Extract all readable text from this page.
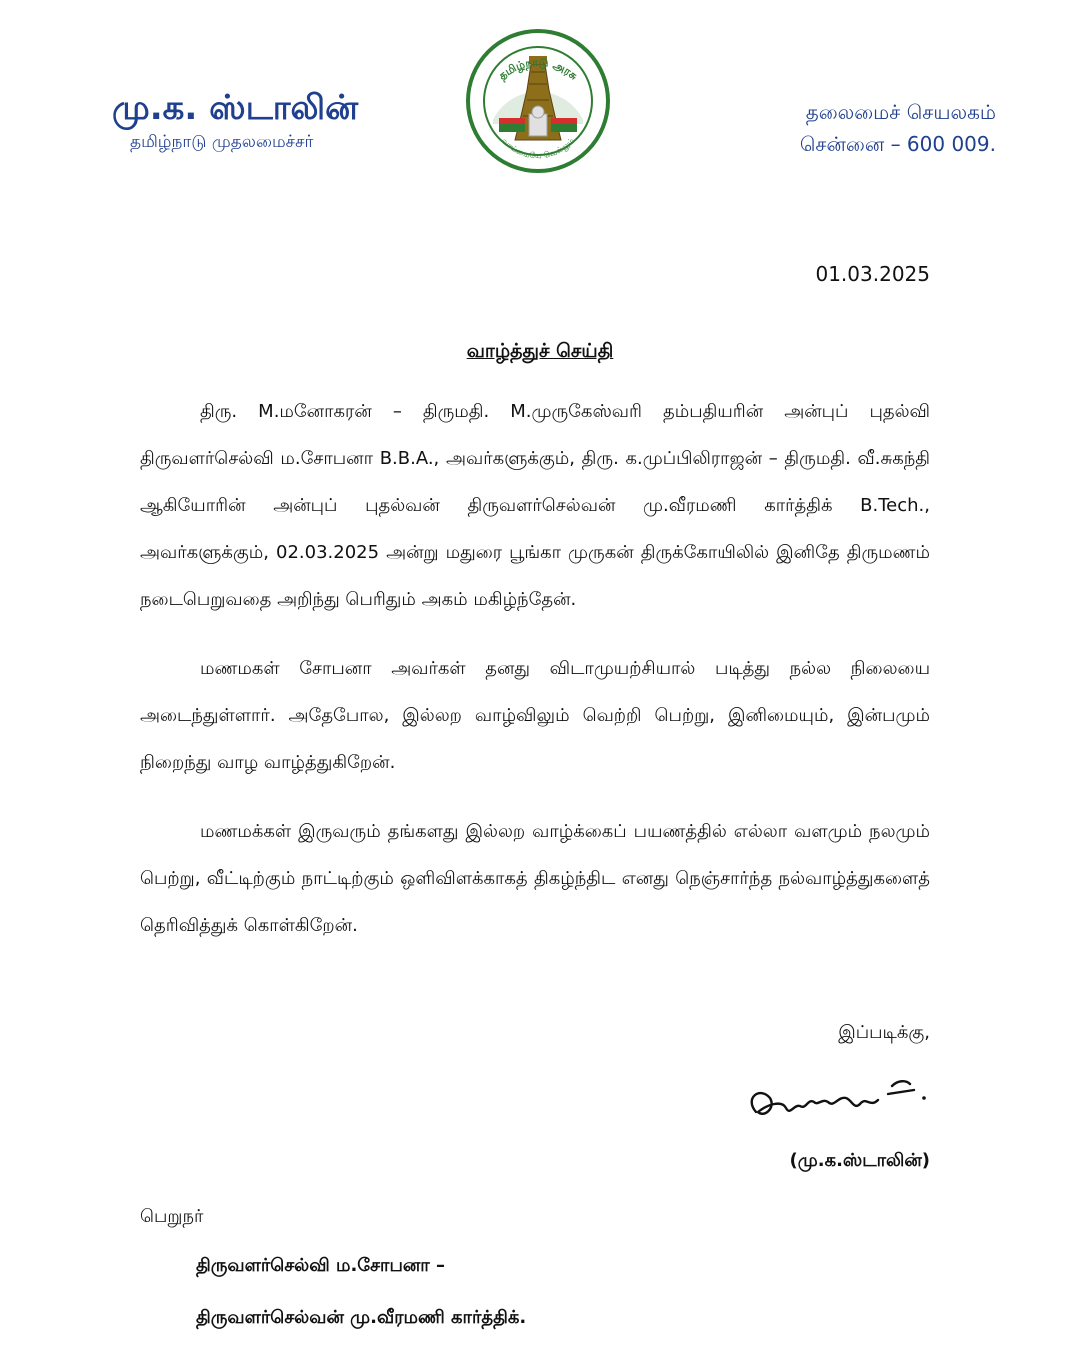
மு.க. ஸ்டாலின்
தமிழ்நாடு முதலமைச்சர்
தமிழ்நாடு அரசு
வாய்மையே வெல்லும்
தலைமைச் செயலகம்
சென்னை – 600 009.
01.03.2025
வாழ்த்துச் செய்தி

திரு. M.மனோகரன் – திருமதி. M.முருகேஸ்வரி தம்பதியரின் அன்புப் புதல்வி திருவளர்செல்வி ம.சோபனா B.B.A., அவர்களுக்கும், திரு. க.முப்பிலிராஜன் – திருமதி. வீ.சுகந்தி ஆகியோரின் அன்புப் புதல்வன் திருவளர்செல்வன் மு.வீரமணி கார்த்திக் B.Tech., அவர்களுக்கும், 02.03.2025 அன்று மதுரை பூங்கா முருகன் திருக்கோயிலில் இனிதே திருமணம் நடைபெறுவதை அறிந்து பெரிதும் அகம் மகிழ்ந்தேன்.

மணமகள் சோபனா அவர்கள் தனது விடாமுயற்சியால் படித்து நல்ல நிலையை அடைந்துள்ளார். அதேபோல, இல்லற வாழ்விலும் வெற்றி பெற்று, இனிமையும், இன்பமும் நிறைந்து வாழ வாழ்த்துகிறேன்.

மணமக்கள் இருவரும் தங்களது இல்லற வாழ்க்கைப் பயணத்தில் எல்லா வளமும் நலமும் பெற்று, வீட்டிற்கும் நாட்டிற்கும் ஒளிவிளக்காகத் திகழ்ந்திட எனது நெஞ்சார்ந்த நல்வாழ்த்துகளைத் தெரிவித்துக் கொள்கிறேன்.

இப்படிக்கு,
(மு.க.ஸ்டாலின்)
பெறுநர்
திருவளர்செல்வி ம.சோபனா –
திருவளர்செல்வன் மு.வீரமணி கார்த்திக்.
